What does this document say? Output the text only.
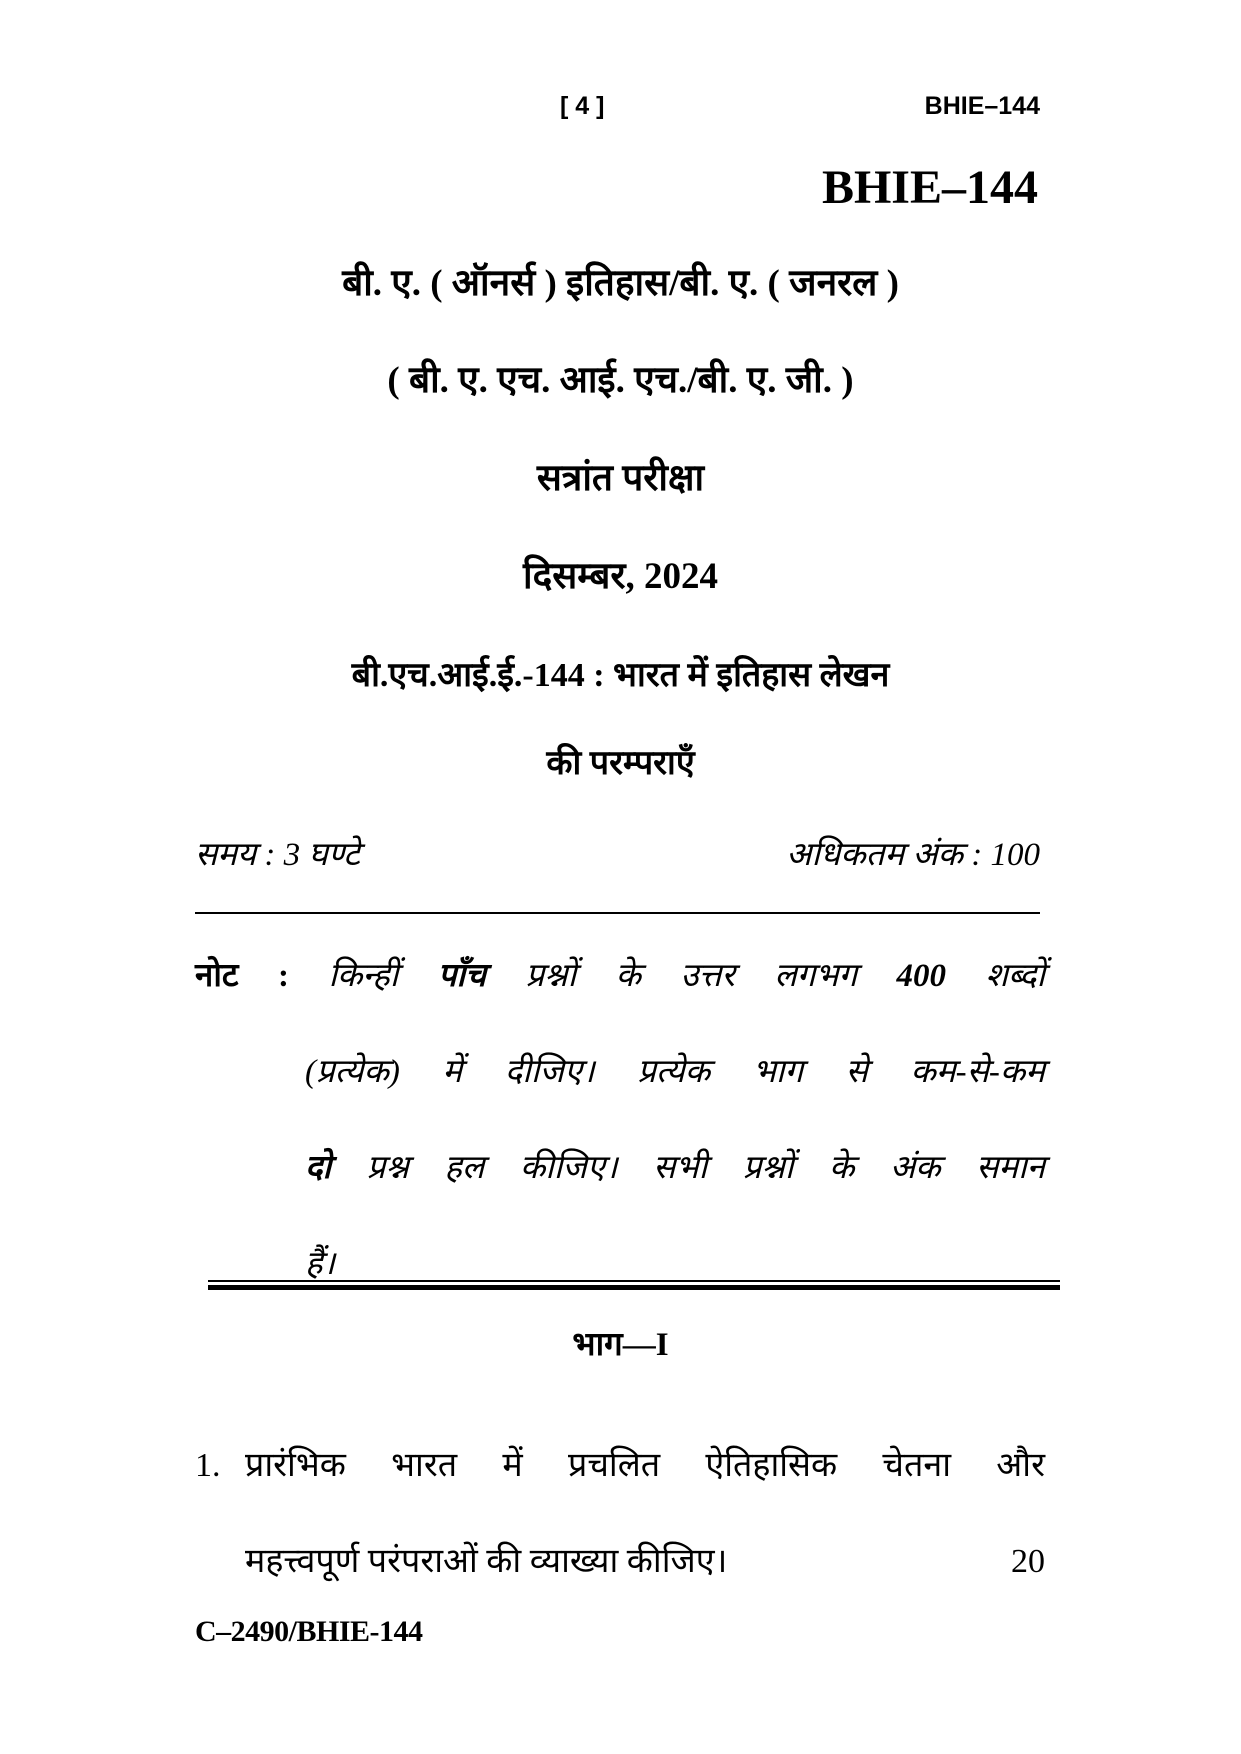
[ 4 ]	BHIE–144
BHIE–144
बी. ए. ( ऑनर्स ) इतिहास/बी. ए. ( जनरल )
( बी. ए. एच. आई. एच./बी. ए. जी. )
सत्रांत परीक्षा
दिसम्बर, 2024
बी.एच.आई.ई.-144 : भारत में इतिहास लेखन
की परम्पराएँ
समय : 3 घण्टे	अधिकतम अंक : 100
नोट : किन्हीं पाँच प्रश्नों के उत्तर लगभग 400 शब्दों
(प्रत्येक) में दीजिए। प्रत्येक भाग से कम-से-कम
दो प्रश्न हल कीजिए। सभी प्रश्नों के अंक समान
हैं।
भाग—I
1. प्रारंभिक भारत में प्रचलित ऐतिहासिक चेतना और
महत्त्वपूर्ण परंपराओं की व्याख्या कीजिए।	20
C–2490/BHIE-144
